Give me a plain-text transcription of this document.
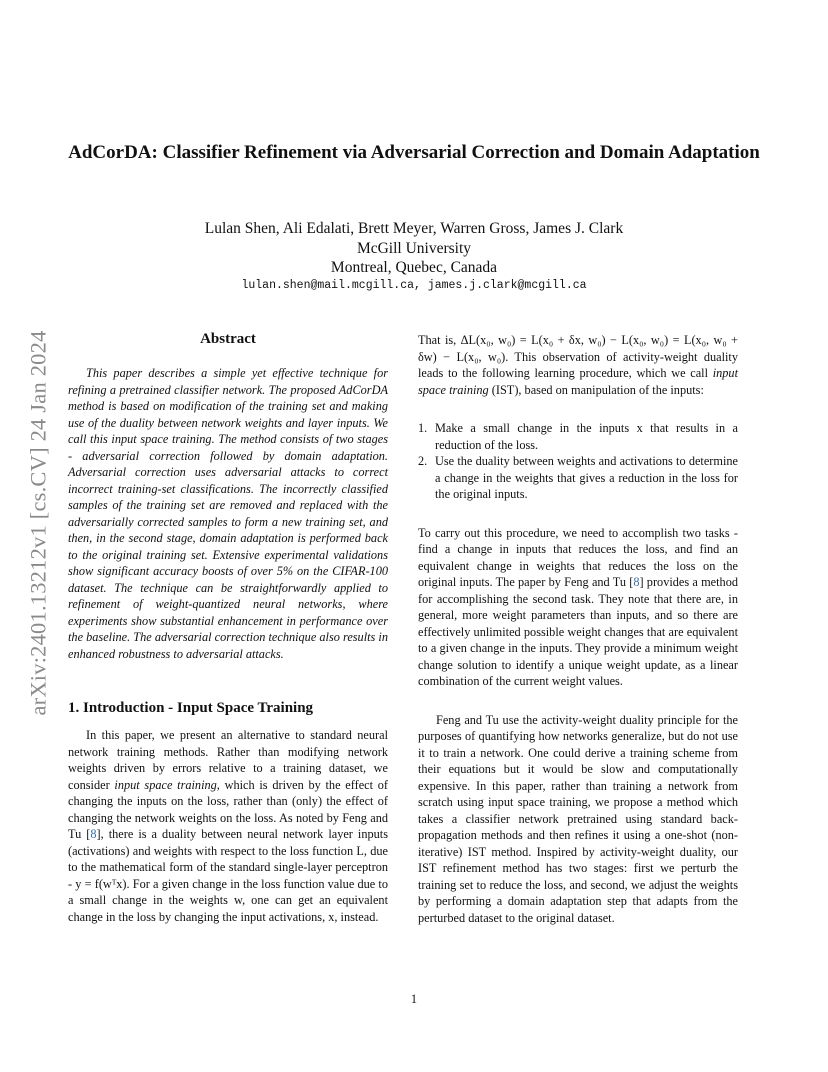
arXiv:2401.13212v1 [cs.CV] 24 Jan 2024
AdCorDA: Classifier Refinement via Adversarial Correction and Domain Adaptation
Lulan Shen, Ali Edalati, Brett Meyer, Warren Gross, James J. Clark
McGill University
Montreal, Quebec, Canada
lulan.shen@mail.mcgill.ca, james.j.clark@mcgill.ca
Abstract

This paper describes a simple yet effective technique for refining a pretrained classifier network. The proposed AdCorDA method is based on modification of the training set and making use of the duality between network weights and layer inputs. We call this input space training. The method consists of two stages - adversarial correction followed by domain adaptation. Adversarial correction uses adversarial attacks to correct incorrect training-set classifications. The incorrectly classified samples of the training set are removed and replaced with the adversarially corrected samples to form a new training set, and then, in the second stage, domain adaptation is performed back to the original training set. Extensive experimental validations show significant accuracy boosts of over 5% on the CIFAR-100 dataset. The technique can be straightforwardly applied to refinement of weight-quantized neural networks, where experiments show substantial enhancement in performance over the baseline. The adversarial correction technique also results in enhanced robustness to adversarial attacks.

1. Introduction - Input Space Training

In this paper, we present an alternative to standard neural network training methods. Rather than modifying network weights driven by errors relative to a training dataset, we consider input space training, which is driven by the effect of changing the inputs on the loss, rather than (only) the effect of changing the network weights on the loss. As noted by Feng and Tu [8], there is a duality between neural network layer inputs (activations) and weights with respect to the loss function L, due to the mathematical form of the standard single-layer perceptron - y = f(wᵀx). For a given change in the loss function value due to a small change in the weights w, one can get an equivalent change in the loss by changing the input activations, x, instead.

That is, ΔL(x₀, w₀) = L(x₀ + δx, w₀) − L(x₀, w₀) = L(x₀, w₀ + δw) − L(x₀, w₀). This observation of activity-weight duality leads to the following learning procedure, which we call input space training (IST), based on manipulation of the inputs:

1. Make a small change in the inputs x that results in a reduction of the loss.
2. Use the duality between weights and activations to determine a change in the weights that gives a reduction in the loss for the original inputs.

To carry out this procedure, we need to accomplish two tasks - find a change in inputs that reduces the loss, and find an equivalent change in weights that reduces the loss on the original inputs. The paper by Feng and Tu [8] provides a method for accomplishing the second task. They note that there are, in general, more weight parameters than inputs, and so there are effectively unlimited possible weight changes that are equivalent to a given change in the inputs. They provide a minimum weight change solution to identify a unique weight update, as a linear combination of the current weight values.

Feng and Tu use the activity-weight duality principle for the purposes of quantifying how networks generalize, but do not use it to train a network. One could derive a training scheme from their equations but it would be slow and computationally expensive. In this paper, rather than training a network from scratch using input space training, we propose a method which takes a classifier network pretrained using standard back-propagation methods and then refines it using a one-shot (non-iterative) IST method. Inspired by activity-weight duality, our IST refinement method has two stages: first we perturb the training set to reduce the loss, and second, we adjust the weights by performing a domain adaptation step that adapts from the perturbed dataset to the original dataset.

1
